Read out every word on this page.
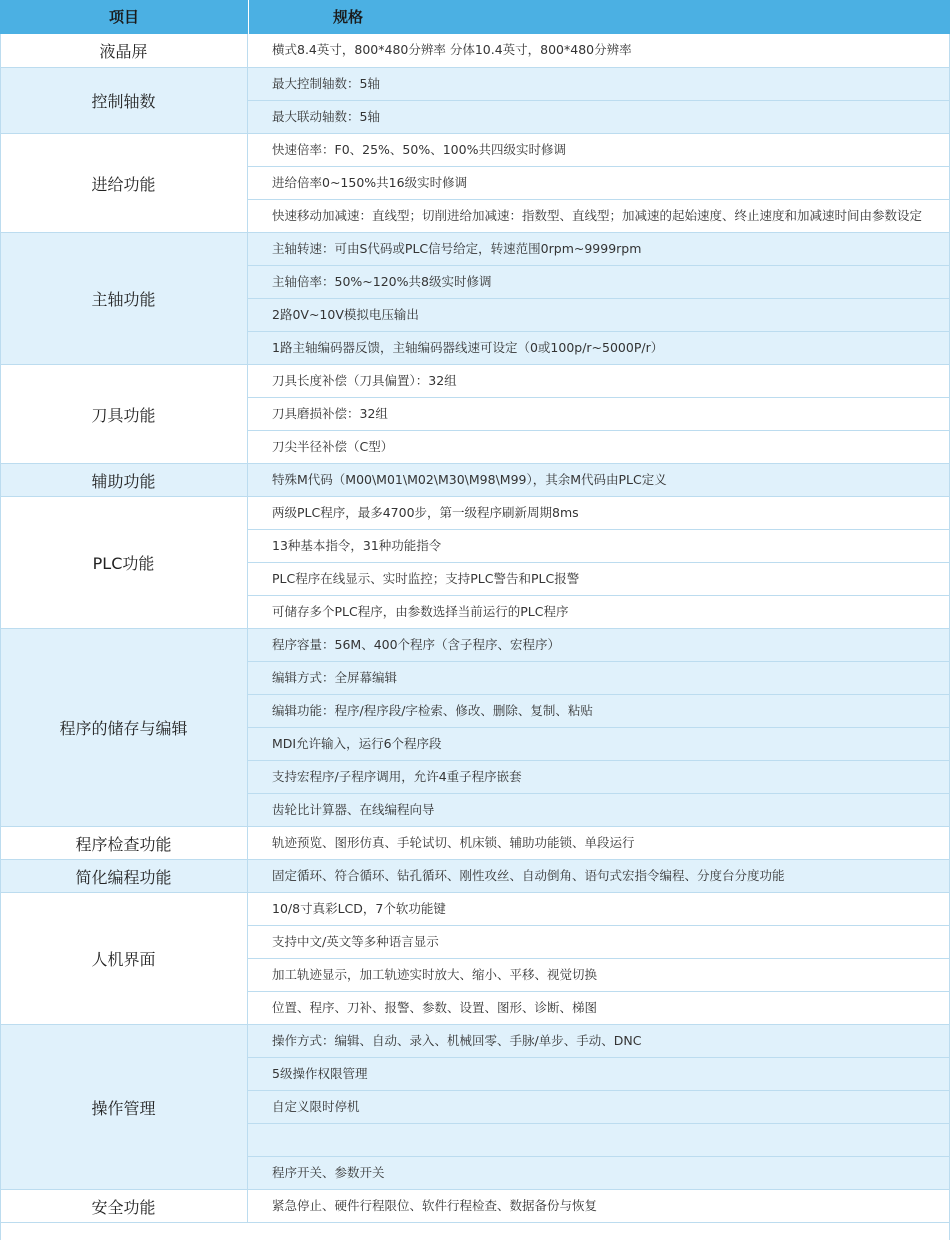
项目	规格
液晶屏	横式8.4英寸，800*480分辨率 分体10.4英寸，800*480分辨率
控制轴数
最大控制轴数：5轴
最大联动轴数：5轴
进给功能
快速倍率：F0、25%、50%、100%共四级实时修调
进给倍率0~150%共16级实时修调
快速移动加减速：直线型；切削进给加减速：指数型、直线型；加减速的起始速度、终止速度和加减速时间由参数设定
主轴功能
主轴转速：可由S代码或PLC信号给定，转速范围0rpm~9999rpm
主轴倍率：50%~120%共8级实时修调
2路0V~10V模拟电压输出
1路主轴编码器反馈，主轴编码器线速可设定（0或100p/r~5000P/r）
刀具功能
刀具长度补偿（刀具偏置）：32组
刀具磨损补偿：32组
刀尖半径补偿（C型）
辅助功能	特殊M代码（M00\M01\M02\M30\M98\M99），其余M代码由PLC定义
PLC功能
两级PLC程序，最多4700步，第一级程序刷新周期8ms
13种基本指令，31种功能指令
PLC程序在线显示、实时监控；支持PLC警告和PLC报警
可储存多个PLC程序，由参数选择当前运行的PLC程序
程序的储存与编辑
程序容量：56M、400个程序（含子程序、宏程序）
编辑方式：全屏幕编辑
编辑功能：程序/程序段/字检索、修改、删除、复制、粘贴
MDI允许输入，运行6个程序段
支持宏程序/子程序调用，允许4重子程序嵌套
齿轮比计算器、在线编程向导
程序检查功能	轨迹预览、图形仿真、手轮试切、机床锁、辅助功能锁、单段运行
简化编程功能	固定循环、符合循环、钻孔循环、刚性攻丝、自动倒角、语句式宏指令编程、分度台分度功能
人机界面
10/8寸真彩LCD，7个软功能键
支持中文/英文等多种语言显示
加工轨迹显示，加工轨迹实时放大、缩小、平移、视觉切换
位置、程序、刀补、报警、参数、设置、图形、诊断、梯图
操作管理
操作方式：编辑、自动、录入、机械回零、手脉/单步、手动、DNC
5级操作权限管理
自定义限时停机
程序开关、参数开关
安全功能	紧急停止、硬件行程限位、软件行程检查、数据备份与恢复
